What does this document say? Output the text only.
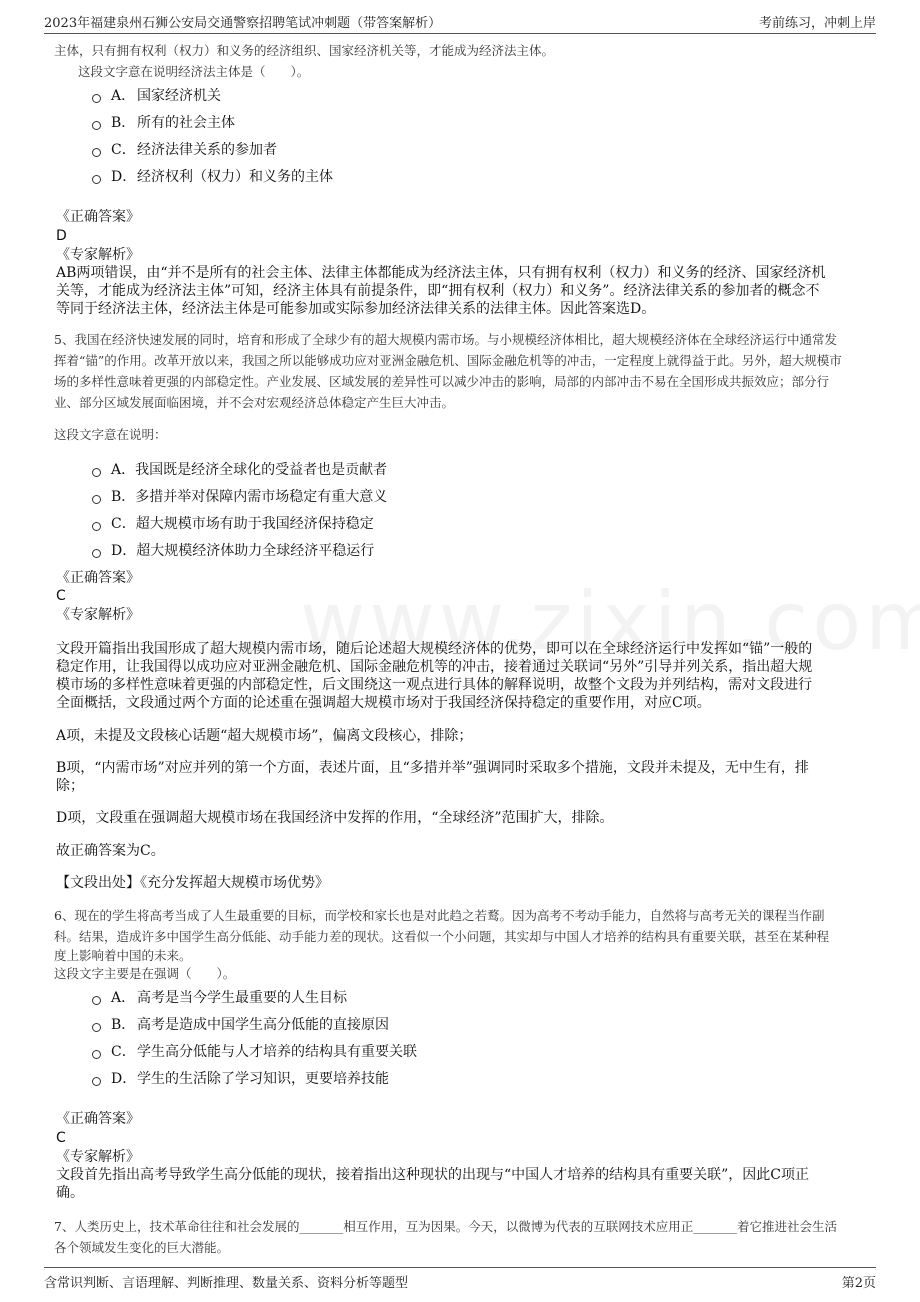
2023年福建泉州石狮公安局交通警察招聘笔试冲刺题（带答案解析）	考前练习，冲刺上岸
主体，只有拥有权利（权力）和义务的经济组织、国家经济机关等，才能成为经济法主体。
这段文字意在说明经济法主体是（　　）。
A． 国家经济机关
B． 所有的社会主体
C． 经济法律关系的参加者
D． 经济权利（权力）和义务的主体
《正确答案》
D
《专家解析》
AB两项错误，由“并不是所有的社会主体、法律主体都能成为经济法主体，只有拥有权利（权力）和义务的经济、国家经济机
关等，才能成为经济法主体”可知，经济主体具有前提条件，即“拥有权利（权力）和义务”。经济法律关系的参加者的概念不
等同于经济法主体，经济法主体是可能参加或实际参加经济法律关系的法律主体。因此答案选D。
5、我国在经济快速发展的同时，培育和形成了全球少有的超大规模内需市场。与小规模经济体相比，超大规模经济体在全球经济运行中通常发
挥着“锚”的作用。改革开放以来，我国之所以能够成功应对亚洲金融危机、国际金融危机等的冲击，一定程度上就得益于此。另外，超大规模市
场的多样性意味着更强的内部稳定性。产业发展、区域发展的差异性可以减少冲击的影响，局部的内部冲击不易在全国形成共振效应；部分行
业、部分区域发展面临困境，并不会对宏观经济总体稳定产生巨大冲击。
这段文字意在说明：
A． 我国既是经济全球化的受益者也是贡献者
B． 多措并举对保障内需市场稳定有重大意义
C． 超大规模市场有助于我国经济保持稳定
D． 超大规模经济体助力全球经济平稳运行
《正确答案》
C
《专家解析》
文段开篇指出我国形成了超大规模内需市场，随后论述超大规模经济体的优势，即可以在全球经济运行中发挥如“锚”一般的
稳定作用，让我国得以成功应对亚洲金融危机、国际金融危机等的冲击，接着通过关联词“另外”引导并列关系，指出超大规
模市场的多样性意味着更强的内部稳定性，后文围绕这一观点进行具体的解释说明，故整个文段为并列结构，需对文段进行
全面概括，文段通过两个方面的论述重在强调超大规模市场对于我国经济保持稳定的重要作用，对应C项。
A项，未提及文段核心话题“超大规模市场”，偏离文段核心，排除；
B项，“内需市场”对应并列的第一个方面，表述片面，且“多措并举”强调同时采取多个措施，文段并未提及，无中生有，排
除；
D项，文段重在强调超大规模市场在我国经济中发挥的作用，“全球经济”范围扩大，排除。
故正确答案为C。
【文段出处】《充分发挥超大规模市场优势》
6、现在的学生将高考当成了人生最重要的目标，而学校和家长也是对此趋之若鹜。因为高考不考动手能力，自然将与高考无关的课程当作副
科。结果，造成许多中国学生高分低能、动手能力差的现状。这看似一个小问题，其实却与中国人才培养的结构具有重要关联，甚至在某种程
度上影响着中国的未来。
这段文字主要是在强调（　　）。
A． 高考是当今学生最重要的人生目标
B． 高考是造成中国学生高分低能的直接原因
C． 学生高分低能与人才培养的结构具有重要关联
D． 学生的生活除了学习知识，更要培养技能
《正确答案》
C
《专家解析》
文段首先指出高考导致学生高分低能的现状，接着指出这种现状的出现与“中国人才培养的结构具有重要关联”，因此C项正
确。
7、人类历史上，技术革命往往和社会发展的_______相互作用，互为因果。今天，以微博为代表的互联网技术应用正_______着它推进社会生活
各个领域发生变化的巨大潜能。
含常识判断、言语理解、判断推理、数量关系、资料分析等题型	第2页
